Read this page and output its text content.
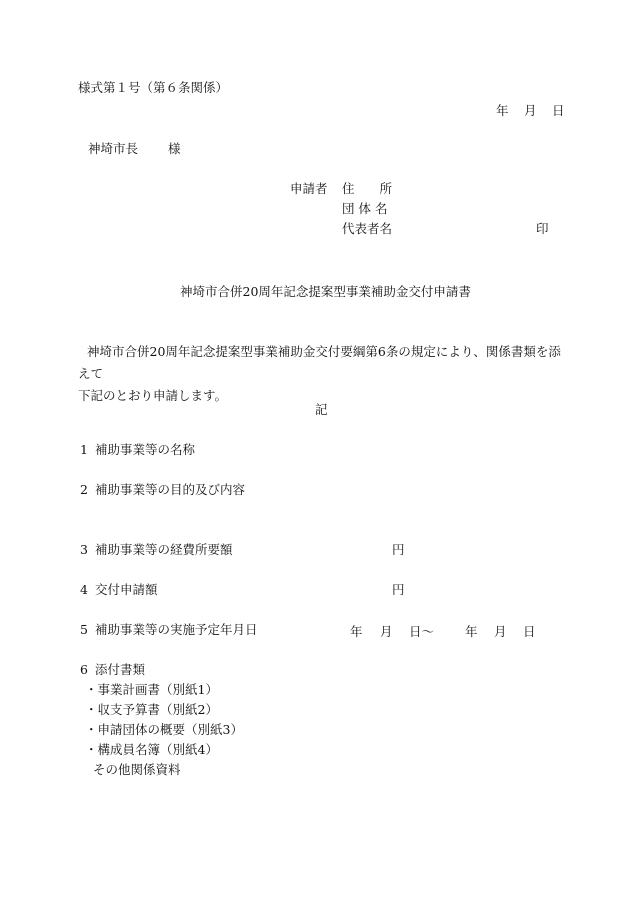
様式第１号（第６条関係）
年 月 日
神埼市長 様
申請者 住　　所
団 体 名
代表者名	印
神埼市合併20周年記念提案型事業補助金交付申請書
神埼市合併20周年記念提案型事業補助金交付要綱第6条の規定により、関係書類を添えて
下記のとおり申請します。
記
1 補助事業等の名称
2 補助事業等の目的及び内容
3 補助事業等の経費所要額	円
4 交付申請額	円
5 補助事業等の実施予定年月日	年 月 日〜 年 月 日
6 添付書類
・事業計画書（別紙1）
・収支予算書（別紙2）
・申請団体の概要（別紙3）
・構成員名簿（別紙4）
その他関係資料
